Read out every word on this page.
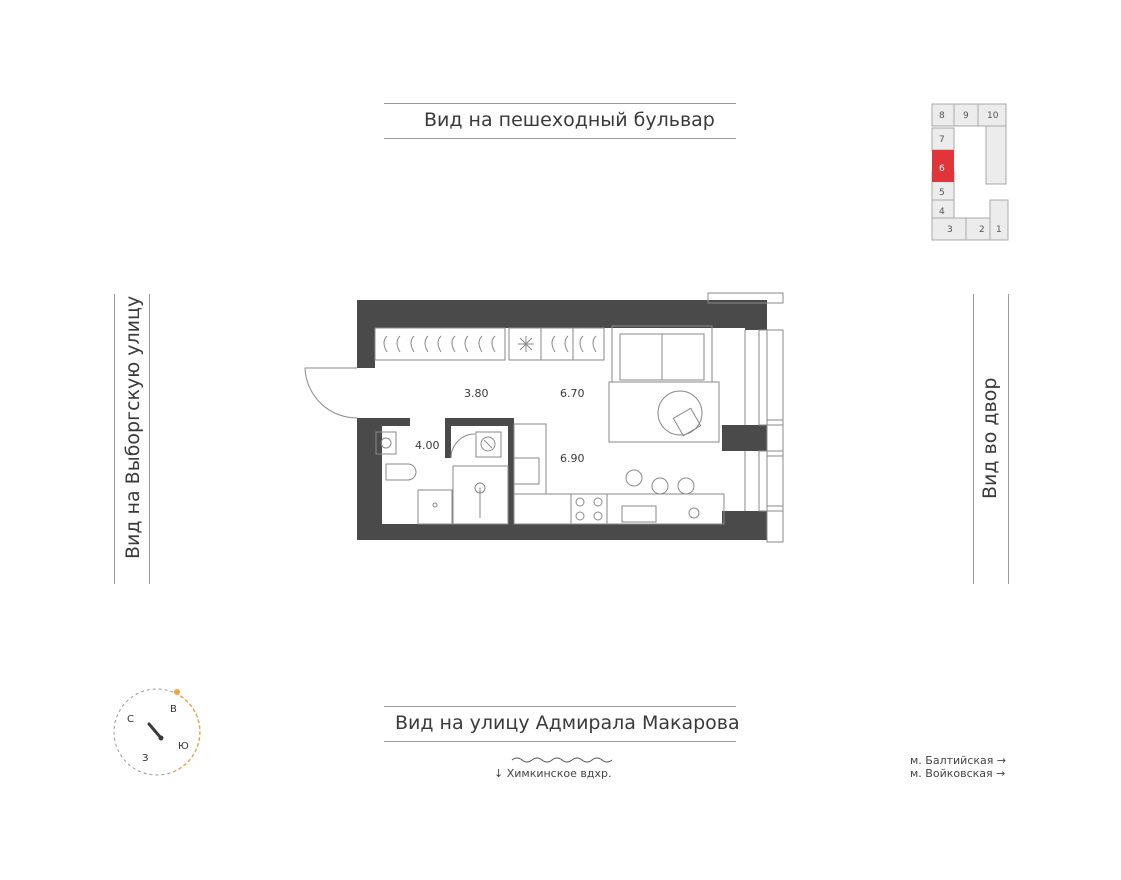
Вид на пешеходный бульвар
Вид на улицу Адмирала Макарова
Вид на Выборгскую улицу	Вид во двор
3.80	6.70
4.00
6.90
8 9 10
7
6
5
4
3	2 1
С
В
Ю
З
↓ Химкинское вдхр.
м. Балтийская →
м. Войковская →
